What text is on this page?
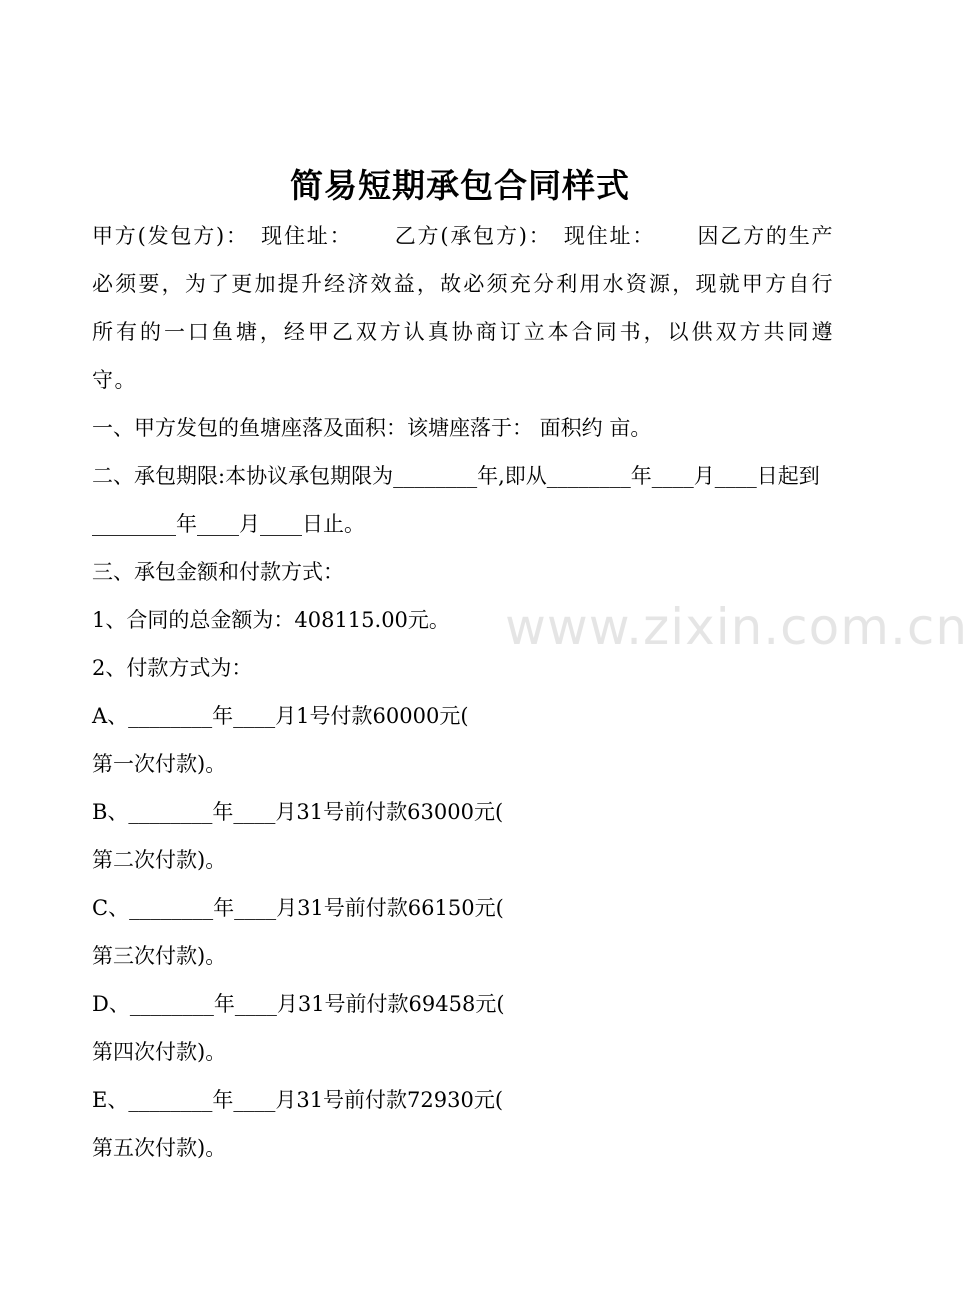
简易短期承包合同样式

甲方(发包方)： 现住址： 乙方(承包方)： 现住址： 因乙方的生产必须要，为了更加提升经济效益，故必须充分利用水资源，现就甲方自行所有的一口鱼塘，经甲乙双方认真协商订立本合同书，以供双方共同遵守。

一、甲方发包的鱼塘座落及面积：该塘座落于： 面积约 亩。

二、承包期限:本协议承包期限为________年,即从________年____月____日起到________年____月____日止。

三、承包金额和付款方式：

1、合同的总金额为：408115.00元。

2、付款方式为：

A、________年____月1号付款60000元(

第一次付款)。

B、________年____月31号前付款63000元(

第二次付款)。

C、________年____月31号前付款66150元(

第三次付款)。

D、________年____月31号前付款69458元(

第四次付款)。

E、________年____月31号前付款72930元(

第五次付款)。

www.zixin.com.cn
